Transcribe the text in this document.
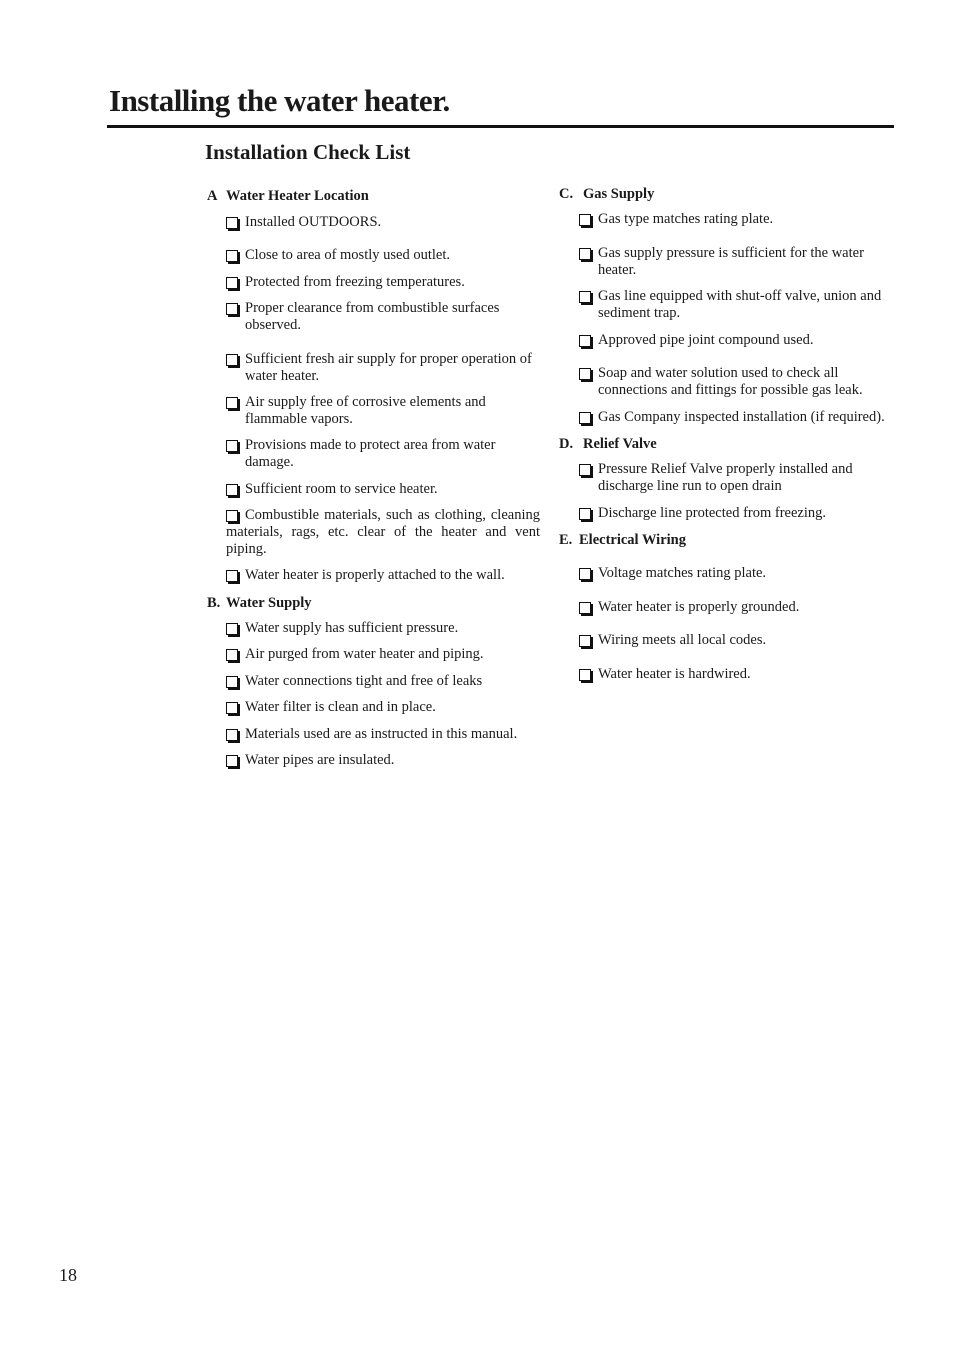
Installing the water heater.
Installation Check List
A Water Heater Location
Installed OUTDOORS.
Close to area of mostly used outlet.
Protected from freezing temperatures.
Proper clearance from combustible surfaces observed.
Sufficient fresh air supply for proper operation of water heater.
Air supply free of corrosive elements and flammable vapors.
Provisions made to protect area from water damage.
Sufficient room to service heater.
Combustible materials, such as clothing, cleaning materials, rags, etc. clear of the heater and vent piping.
Water heater is properly attached to the wall.
B. Water Supply
Water supply has sufficient pressure.
Air purged from water heater and piping.
Water connections tight and free of leaks
Water filter is clean and in place.
Materials used are as instructed in this manual.
Water pipes are insulated.
C. Gas Supply
Gas type matches rating plate.
Gas supply pressure is sufficient for the water heater.
Gas line equipped with shut-off valve, union and sediment trap.
Approved pipe joint compound used.
Soap and water solution used to check all connections and fittings for possible gas leak.
Gas Company inspected installation (if required).
D. Relief Valve
Pressure Relief Valve properly installed and discharge line run to open drain
Discharge line protected from freezing.
E. Electrical Wiring
Voltage matches rating plate.
Water heater is properly grounded.
Wiring meets all local codes.
Water heater is hardwired.
18
